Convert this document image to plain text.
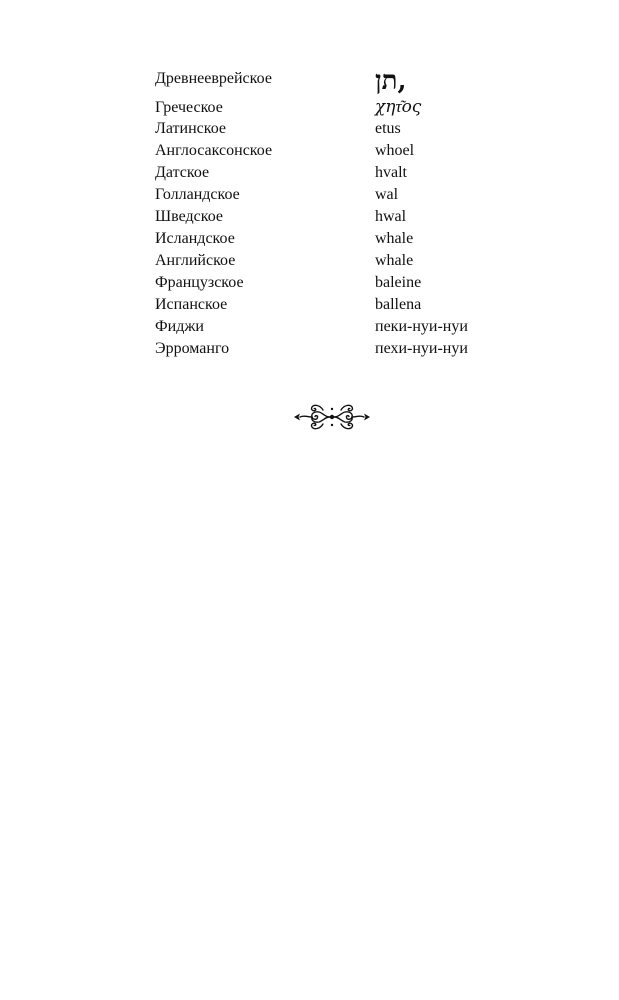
Древнееврейское	תן,
Греческое	χητ͂ος
Латинское	etus
Англосаксонское	whoel
Датское	hvalt
Голландское	wal
Шведское	hwal
Исландское	whale
Английское	whale
Французское	baleine
Испанское	ballena
Фиджи	пеки-нуи-нуи
Эрроманго	пехи-нуи-нуи
